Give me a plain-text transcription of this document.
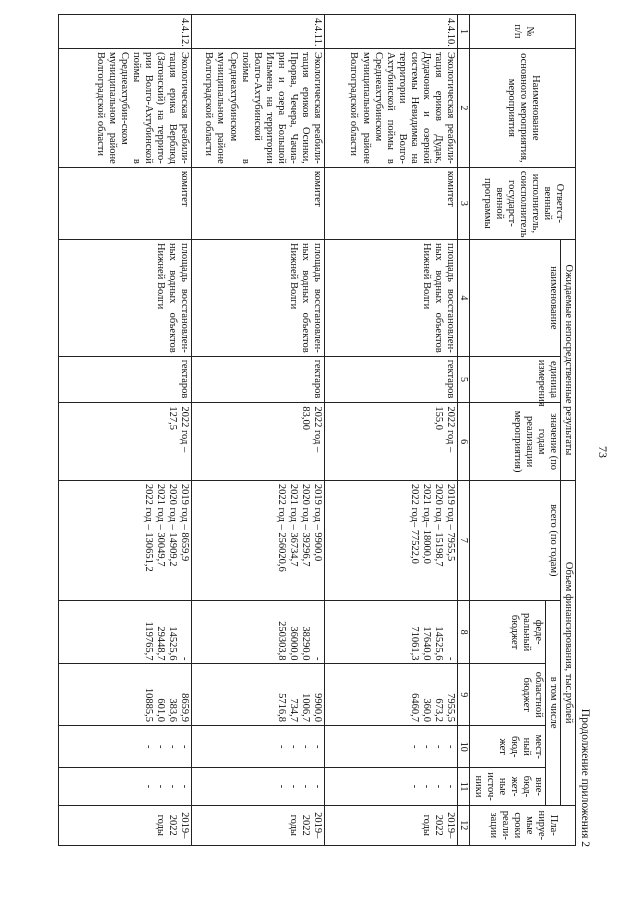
73
Продолжение приложения 2
№
п/п	Наименование основного мероприятия, мероприятия	Ответст-венный исполнитель, соисполнитель государст-венной программы	Ожидаемые непосредственные результаты			Объем финансирования, тыс.рублей					Пла-нируе-мые сроки реали-зации
			наименование	единица измерения	значение (по годам реализации мероприятия)	всего (по годам)	в том числе				
							феде-ральный бюджет	областной бюджет	мест-ный бюд-жет	вне-бюд-жет-ные источ-ники	
1	2	3	4	5	6	7	8	9	10	11	12
4.4.10.	Экологическая реабили-тация ериков Дудак, Дудачонок и озерной системы Невидимка на территории Волго-Ахтубинской поймы в Среднеахтубинском муниципальном районе Волгоградской области	комитет	площадь восстановлен-ных водных объектов Нижней Волги	гектаров	2022 год – 155,0	2019 год – 7955,5
2020 год – 15198,7
2021 год– 18000,0
2022 год– 77522,0	-
14525,6
17640,0
71061,3	7955,5
673,2
360,0
6460,7	-
-
-
-	-
-
-
-	2019–
2022
годы
4.4.11.	Экологическая реабили-тация ериков Осинки, Прорва, Чечера, Чачиа-рин и озера Большой Ильмень на территории Волго-Ахтубинской поймы в Среднеахтубинском муниципальном районе Волгоградской области	комитет	площадь восстановлен-ных водных объектов Нижней Волги	гектаров	2022 год – 83,00	2019 год – 9900,0
2020 год – 39296,7
2021 год – 36734,7
2022 год – 256020,6	-
38290,0
36000,0
250303,8	9900,0
1006,7
734,7
5716,8	-
-
-
-	-
-
-
-	2019–
2022
годы
4.4.12.	Экологическая реабили-тация ерика Верблюд (Затонский) на террито-рии Волго-Ахтубинской поймы в Среднеахтубин-ском муниципальном районе Волгоградской области	комитет	площадь восстановлен-ных водных объектов Нижней Волги	гектаров	2022 год – 127,5	2019 год – 8659,9
2020 год – 14909,2
2021 год – 30049,7
2022 год – 130651,2	-
14525,6
29448,7
119765,7	8659,9
383,6
601,0
10885,5	-
-
-
-	-
-
-
-	2019–
2022
годы
